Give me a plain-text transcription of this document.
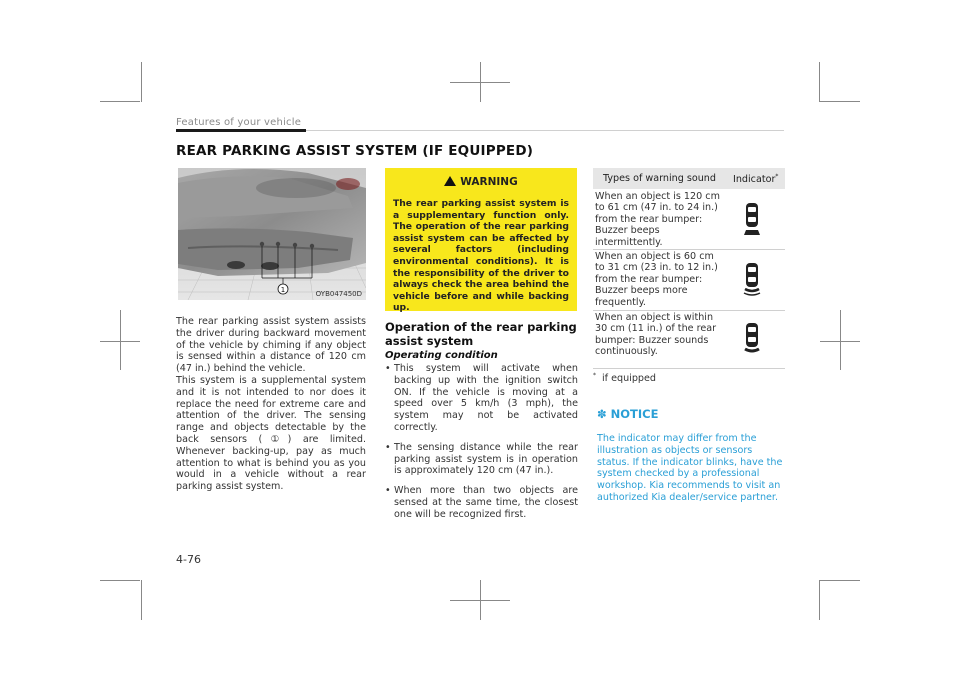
Features of your vehicle
REAR PARKING ASSIST SYSTEM (IF EQUIPPED)
1	OYB047450D
The rear parking assist system assists the driver during backward movement of the vehicle by chiming if any object is sensed within a distance of 120 cm (47 in.) behind the vehicle.
This system is a supplemental system and it is not intended to nor does it replace the need for extreme care and attention of the driver. The sensing range and objects detectable by the back sensors (①) are limited. Whenever backing-up, pay as much attention to what is behind you as you would in a vehicle without a rear parking assist system.
WARNING
The rear parking assist system is a supplementary function only. The operation of the rear parking assist system can be affected by several factors (including environmental conditions). It is the responsibility of the driver to always check the area behind the vehicle before and while backing up.
Operation of the rear parking assist system
Operating condition
• This system will activate when backing up with the ignition switch ON. If the vehicle is moving at a speed over 5 km/h (3 mph), the system may not be activated correctly.
• The sensing distance while the rear parking assist system is in operation is approximately 120 cm (47 in.).
• When more than two objects are sensed at the same time, the closest one will be recognized first.
Types of warning sound Indicator*
When an object is 120 cm to 61 cm (47 in. to 24 in.) from the rear bumper: Buzzer beeps intermittently.
When an object is 60 cm to 31 cm (23 in. to 12 in.) from the rear bumper: Buzzer beeps more frequently.
When an object is within 30 cm (11 in.) of the rear bumper: Buzzer sounds continuously.
* if equipped
✽ NOTICE
The indicator may differ from the illustration as objects or sensors status. If the indicator blinks, have the system checked by a professional workshop. Kia recommends to visit an authorized Kia dealer/service partner.
4-76
